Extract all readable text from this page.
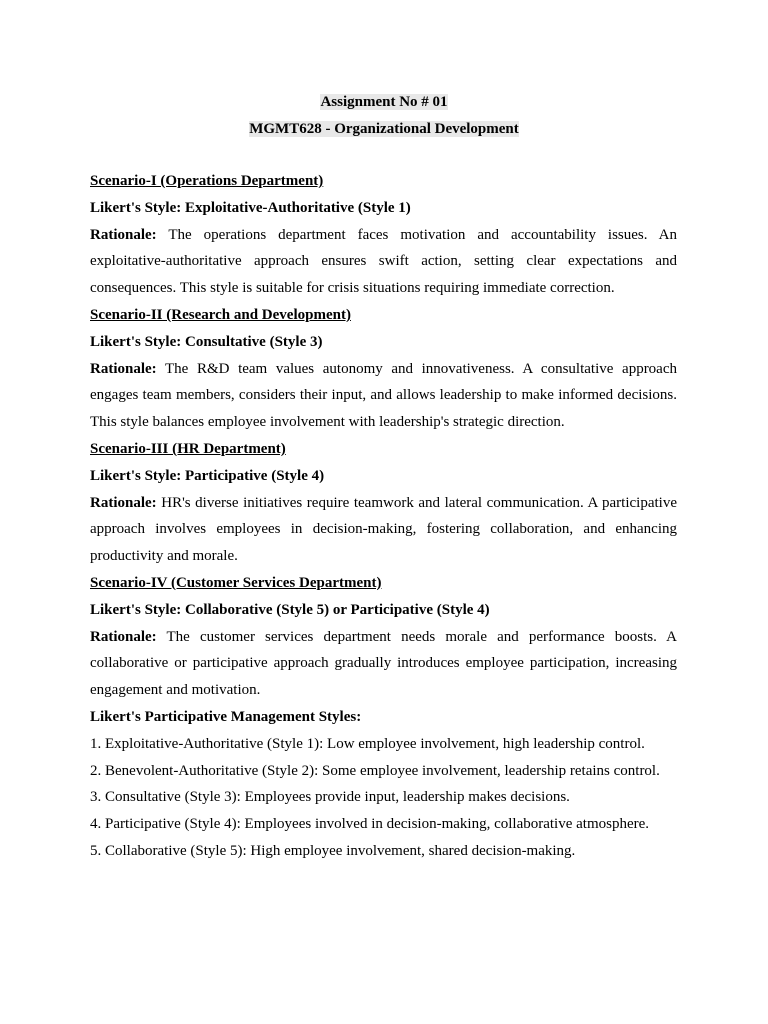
Assignment No # 01
MGMT628 - Organizational Development
Scenario-I (Operations Department)
Likert's Style: Exploitative-Authoritative (Style 1)

Rationale: The operations department faces motivation and accountability issues. An exploitative-authoritative approach ensures swift action, setting clear expectations and consequences. This style is suitable for crisis situations requiring immediate correction.

Scenario-II (Research and Development)
Likert's Style: Consultative (Style 3)

Rationale: The R&D team values autonomy and innovativeness. A consultative approach engages team members, considers their input, and allows leadership to make informed decisions. This style balances employee involvement with leadership's strategic direction.

Scenario-III (HR Department)
Likert's Style: Participative (Style 4)

Rationale: HR's diverse initiatives require teamwork and lateral communication. A participative approach involves employees in decision-making, fostering collaboration, and enhancing productivity and morale.

Scenario-IV (Customer Services Department)
Likert's Style: Collaborative (Style 5) or Participative (Style 4)

Rationale: The customer services department needs morale and performance boosts. A collaborative or participative approach gradually introduces employee participation, increasing engagement and motivation.

Likert's Participative Management Styles:
1. Exploitative-Authoritative (Style 1): Low employee involvement, high leadership control.
2. Benevolent-Authoritative (Style 2): Some employee involvement, leadership retains control.
3. Consultative (Style 3): Employees provide input, leadership makes decisions.
4. Participative (Style 4): Employees involved in decision-making, collaborative atmosphere.
5. Collaborative (Style 5): High employee involvement, shared decision-making.
